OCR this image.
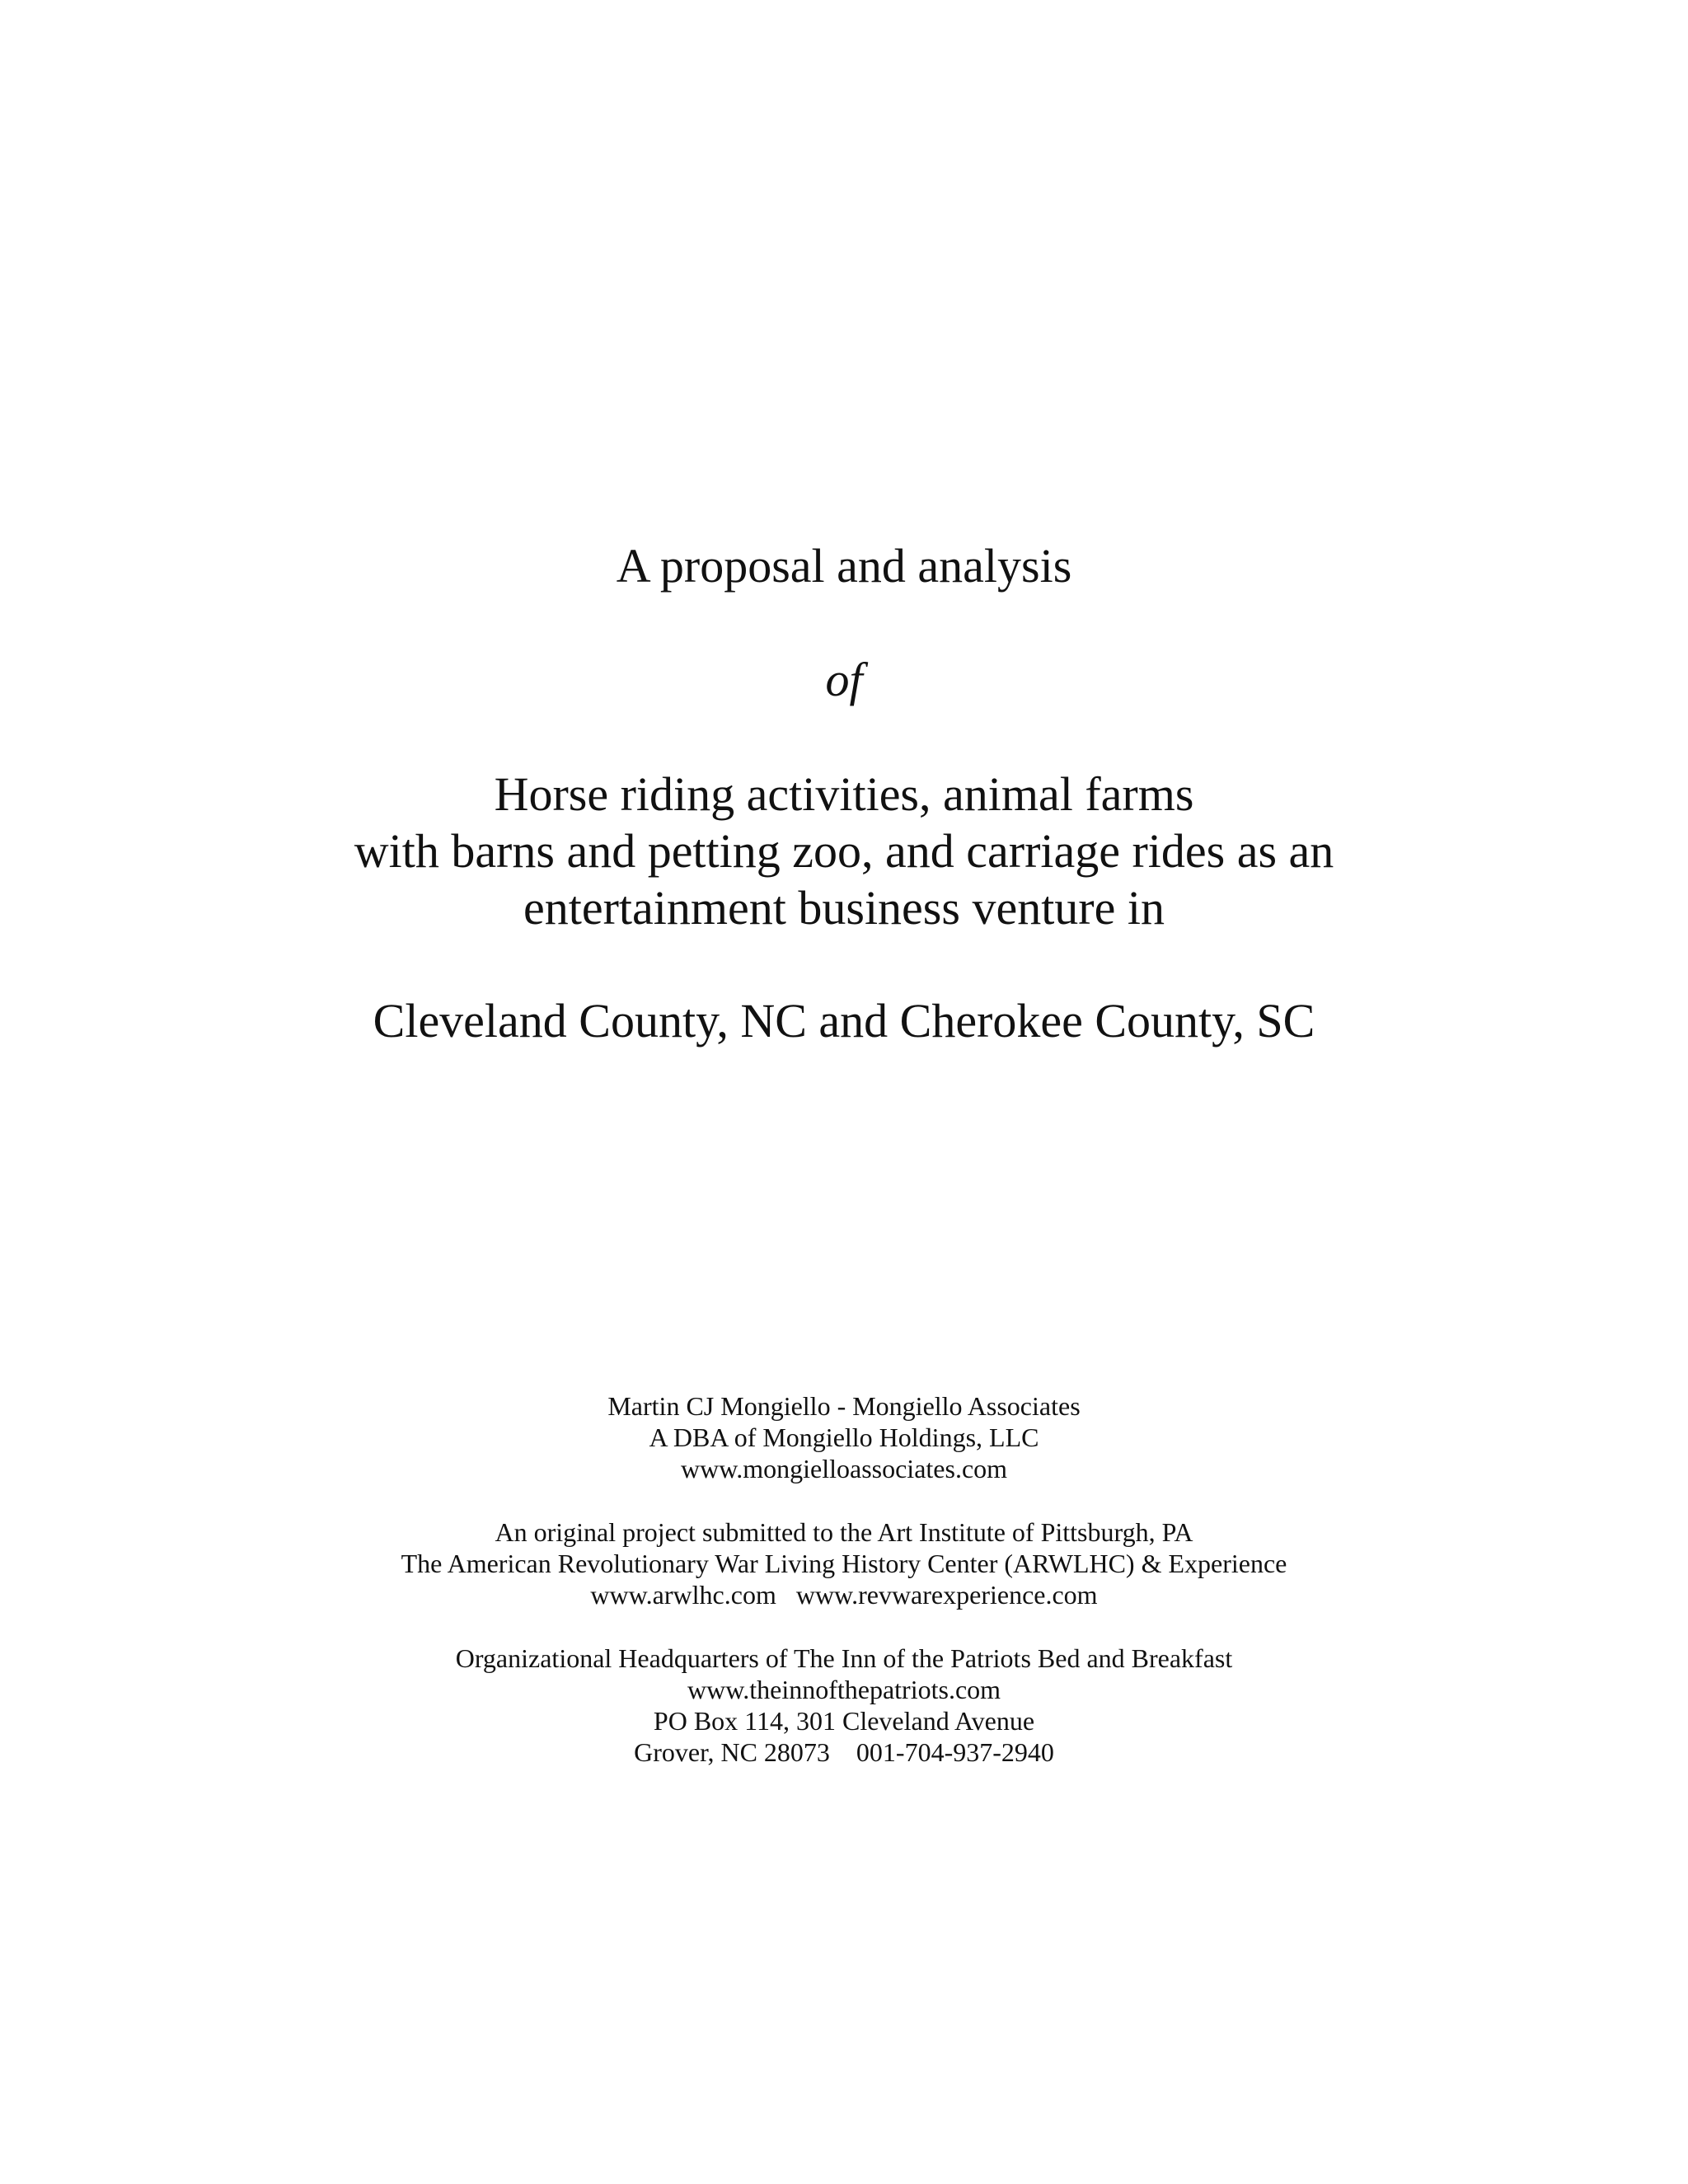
A proposal and analysis
of
Horse riding activities, animal farms
with barns and petting zoo, and carriage rides as an
entertainment business venture in
Cleveland County, NC and Cherokee County, SC
Martin CJ Mongiello - Mongiello Associates
A DBA of Mongiello Holdings, LLC
www.mongielloassociates.com
An original project submitted to the Art Institute of Pittsburgh, PA
The American Revolutionary War Living History Center (ARWLHC) & Experience
www.arwlhc.com   www.revwarexperience.com
Organizational Headquarters of The Inn of the Patriots Bed and Breakfast
www.theinnofthepatriots.com
PO Box 114, 301 Cleveland Avenue
Grover, NC 28073    001-704-937-2940
